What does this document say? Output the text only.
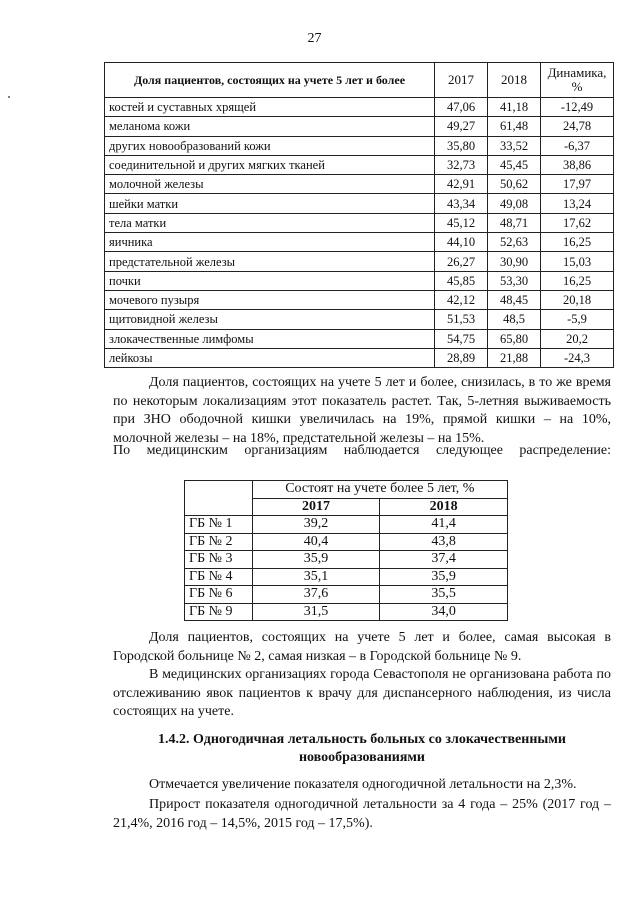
27
Доля пациентов, состоящих на учете 5 лет и более	2017	2018	Динамика, %
костей и суставных хрящей	47,06	41,18	-12,49
меланома кожи	49,27	61,48	24,78
других новообразований кожи	35,80	33,52	-6,37
соединительной и других мягких тканей	32,73	45,45	38,86
молочной железы	42,91	50,62	17,97
шейки матки	43,34	49,08	13,24
тела матки	45,12	48,71	17,62
яичника	44,10	52,63	16,25
предстательной железы	26,27	30,90	15,03
почки	45,85	53,30	16,25
мочевого пузыря	42,12	48,45	20,18
щитовидной железы	51,53	48,5	-5,9
злокачественные лимфомы	54,75	65,80	20,2
лейкозы	28,89	21,88	-24,3

Доля пациентов, состоящих на учете 5 лет и более, снизилась, в то же время по некоторым локализациям этот показатель растет. Так, 5-летняя выживаемость при ЗНО ободочной кишки увеличилась на 19%, прямой кишки – на 10%, молочной железы – на 18%, предстательной железы – на 15%.

По медицинским организациям наблюдается следующее распределение:

	Состоят на учете более 5 лет, %	
	2017	2018
ГБ № 1	39,2	41,4
ГБ № 2	40,4	43,8
ГБ № 3	35,9	37,4
ГБ № 4	35,1	35,9
ГБ № 6	37,6	35,5
ГБ № 9	31,5	34,0

Доля пациентов, состоящих на учете 5 лет и более, самая высокая в Городской больнице № 2, самая низкая – в Городской больнице № 9.

В медицинских организациях города Севастополя не организована работа по отслеживанию явок пациентов к врачу для диспансерного наблюдения, из числа состоящих на учете.

1.4.2. Одногодичная летальность больных со злокачественными новообразованиями

Отмечается увеличение показателя одногодичной летальности на 2,3%.

Прирост показателя одногодичной летальности за 4 года – 25% (2017 год – 21,4%, 2016 год – 14,5%, 2015 год – 17,5%).
